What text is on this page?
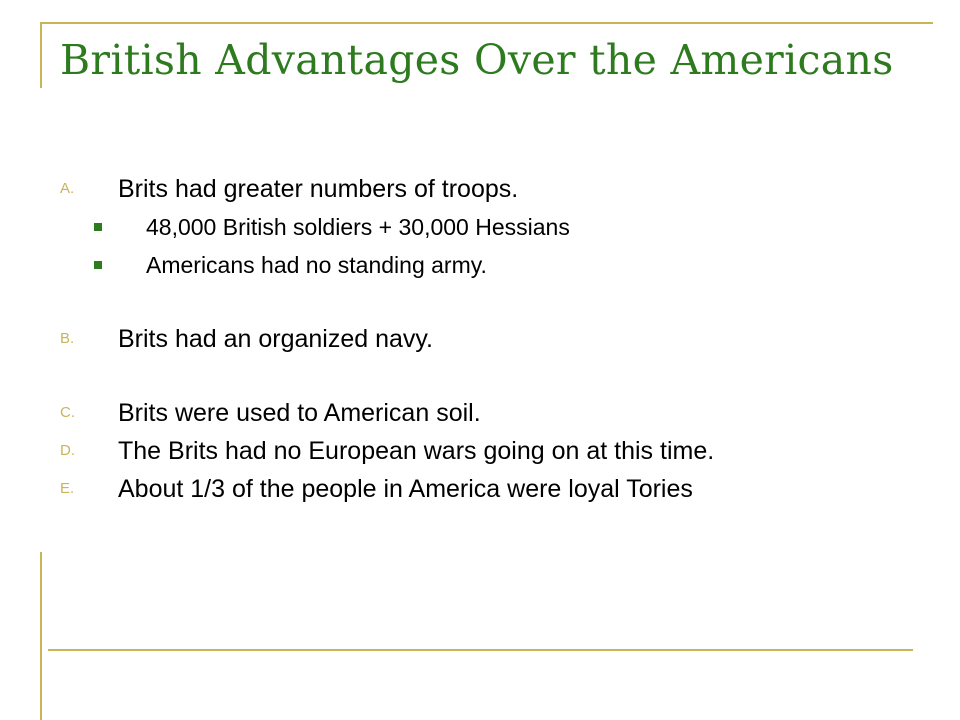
British Advantages Over the Americans
A. Brits had greater numbers of troops.
48,000 British soldiers + 30,000 Hessians
Americans had no standing army.
B. Brits had an organized navy.
C. Brits were used to American soil.
D. The Brits had no European wars going on at this time.
E. About 1/3 of the people in America were loyal Tories
